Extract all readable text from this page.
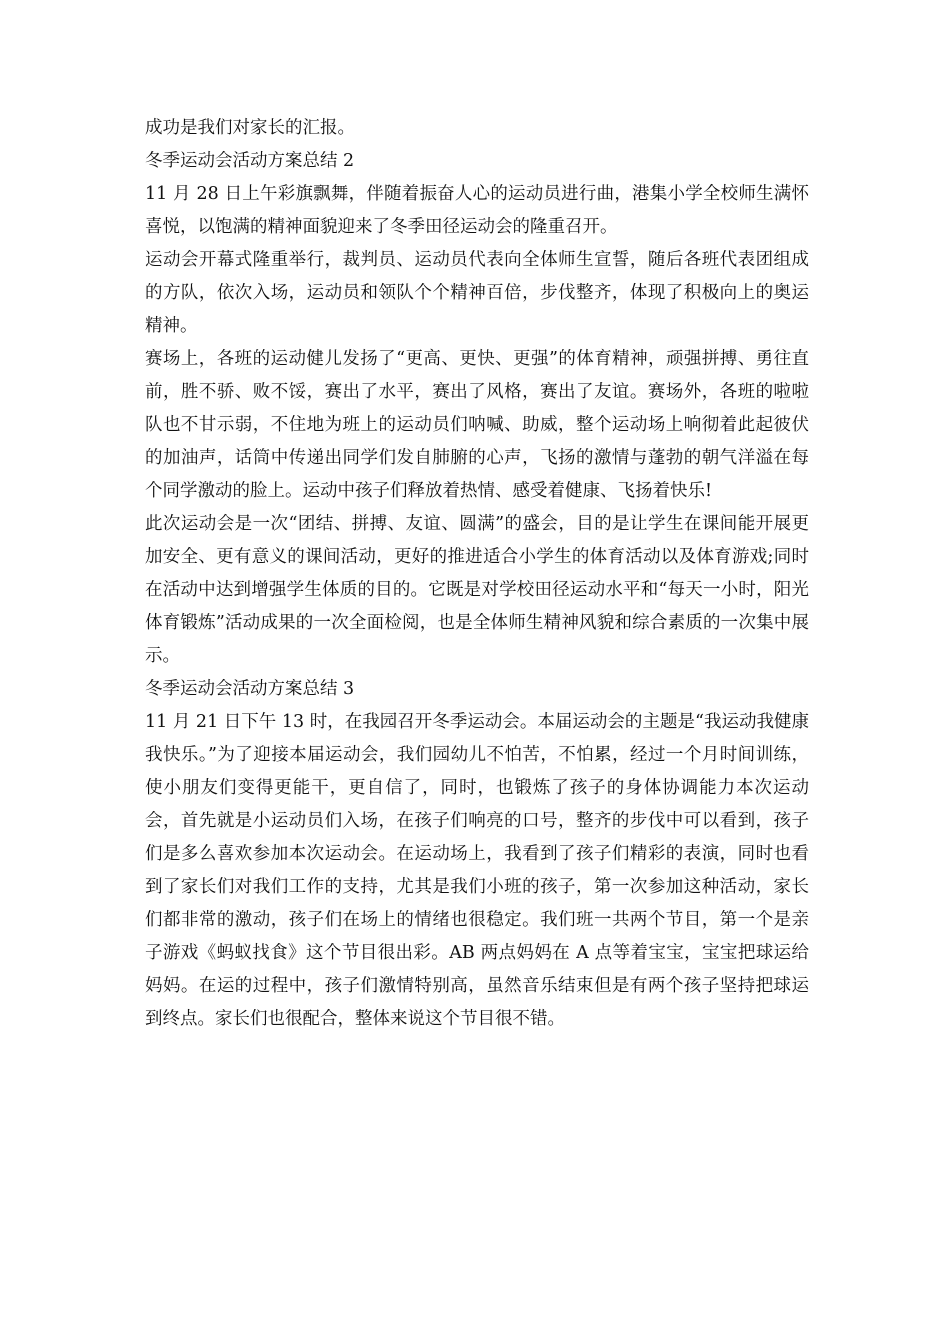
成功是我们对家长的汇报。

冬季运动会活动方案总结 2

11 月 28 日上午彩旗飘舞，伴随着振奋人心的运动员进行曲，港集小学全校师生满怀喜悦，以饱满的精神面貌迎来了冬季田径运动会的隆重召开。

运动会开幕式隆重举行，裁判员、运动员代表向全体师生宣誓，随后各班代表团组成的方队，依次入场，运动员和领队个个精神百倍，步伐整齐，体现了积极向上的奥运精神。

赛场上，各班的运动健儿发扬了“更高、更快、更强”的体育精神，顽强拼搏、勇往直前，胜不骄、败不馁，赛出了水平，赛出了风格，赛出了友谊。赛场外，各班的啦啦队也不甘示弱，不住地为班上的运动员们呐喊、助威，整个运动场上响彻着此起彼伏的加油声，话筒中传递出同学们发自肺腑的心声，飞扬的激情与蓬勃的朝气洋溢在每个同学激动的脸上。运动中孩子们释放着热情、感受着健康、飞扬着快乐!

此次运动会是一次“团结、拼搏、友谊、圆满”的盛会，目的是让学生在课间能开展更加安全、更有意义的课间活动，更好的推进适合小学生的体育活动以及体育游戏;同时在活动中达到增强学生体质的目的。它既是对学校田径运动水平和“每天一小时，阳光体育锻炼”活动成果的一次全面检阅，也是全体师生精神风貌和综合素质的一次集中展示。

冬季运动会活动方案总结 3

11 月 21 日下午 13 时，在我园召开冬季运动会。本届运动会的主题是“我运动我健康我快乐。”为了迎接本届运动会，我们园幼儿不怕苦，不怕累，经过一个月时间训练，使小朋友们变得更能干，更自信了，同时，也锻炼了孩子的身体协调能力本次运动会，首先就是小运动员们入场，在孩子们响亮的口号，整齐的步伐中可以看到，孩子们是多么喜欢参加本次运动会。在运动场上，我看到了孩子们精彩的表演，同时也看到了家长们对我们工作的支持，尤其是我们小班的孩子，第一次参加这种活动，家长们都非常的激动，孩子们在场上的情绪也很稳定。我们班一共两个节目，第一个是亲子游戏《蚂蚁找食》这个节目很出彩。AB 两点妈妈在 A 点等着宝宝，宝宝把球运给妈妈。在运的过程中，孩子们激情特别高，虽然音乐结束但是有两个孩子坚持把球运到终点。家长们也很配合，整体来说这个节目很不错。
